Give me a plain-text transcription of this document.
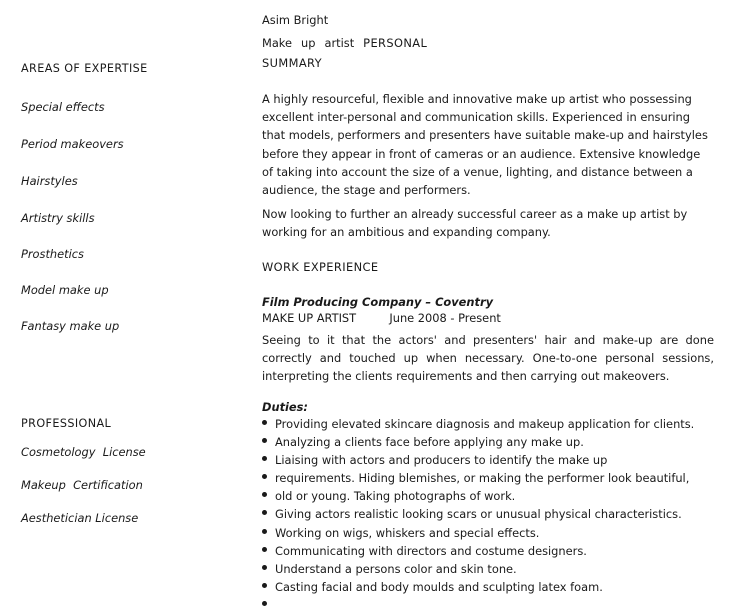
AREAS OF EXPERTISE
Special effects
Period makeovers
Hairstyles
Artistry skills
Prosthetics
Model make up
Fantasy make up
PROFESSIONAL
Cosmetology  License
Makeup  Certification
Aesthetician License
Asim Bright
Make up artist PERSONAL
SUMMARY
A highly resourceful, flexible and innovative make up artist who possessing excellent inter-personal and communication skills. Experienced in ensuring that models, performers and presenters have suitable make-up and hairstyles before they appear in front of cameras or an audience. Extensive knowledge of taking into account the size of a venue, lighting, and distance between a audience, the stage and performers.
Now looking to further an already successful career as a make up artist by working for an ambitious and expanding company.
WORK EXPERIENCE
Film Producing Company – Coventry
MAKE UP ARTIST	June 2008 - Present
Seeing to it that the actors' and presenters' hair and make-up are done correctly and touched up when necessary. One-to-one personal sessions, interpreting the clients requirements and then carrying out makeovers.
Duties:
Providing elevated skincare diagnosis and makeup application for clients.
Analyzing a clients face before applying any make up.
Liaising with actors and producers to identify the make up
requirements. Hiding blemishes, or making the performer look beautiful,
old or young. Taking photographs of work.
Giving actors realistic looking scars or unusual physical characteristics.
Working on wigs, whiskers and special effects.
Communicating with directors and costume designers.
Understand a persons color and skin tone.
Casting facial and body moulds and sculpting latex foam.
